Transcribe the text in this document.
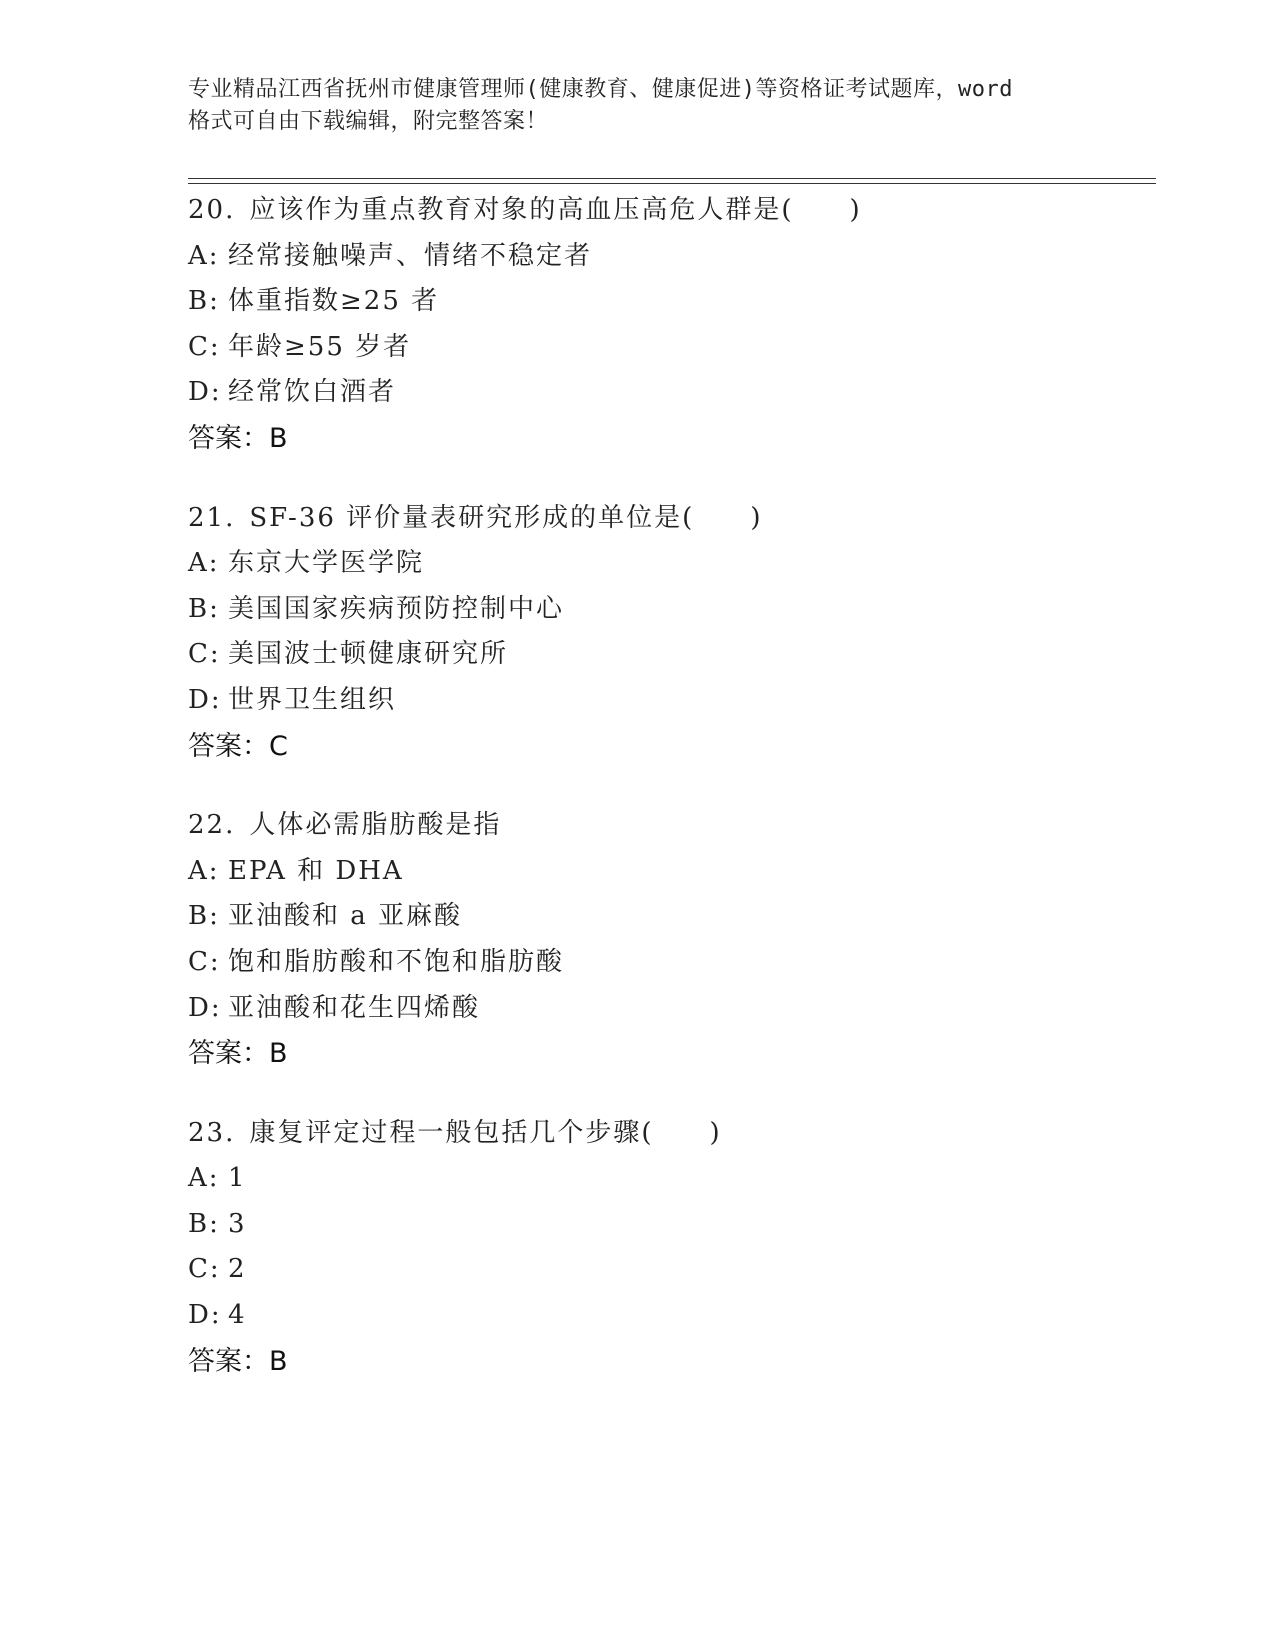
专业精品江西省抚州市健康管理师(健康教育、健康促进)等资格证考试题库，word
格式可自由下载编辑，附完整答案！
20. 应该作为重点教育对象的高血压高危人群是(　　)
A: 经常接触噪声、情绪不稳定者
B: 体重指数≥25 者
C: 年龄≥55 岁者
D: 经常饮白酒者
答案：B
21. SF-36 评价量表研究形成的单位是(　　)
A: 东京大学医学院
B: 美国国家疾病预防控制中心
C: 美国波士顿健康研究所
D: 世界卫生组织
答案：C
22. 人体必需脂肪酸是指
A: EPA 和 DHA
B: 亚油酸和 a 亚麻酸
C: 饱和脂肪酸和不饱和脂肪酸
D: 亚油酸和花生四烯酸
答案：B
23. 康复评定过程一般包括几个步骤(　　)
A: 1
B: 3
C: 2
D: 4
答案：B
